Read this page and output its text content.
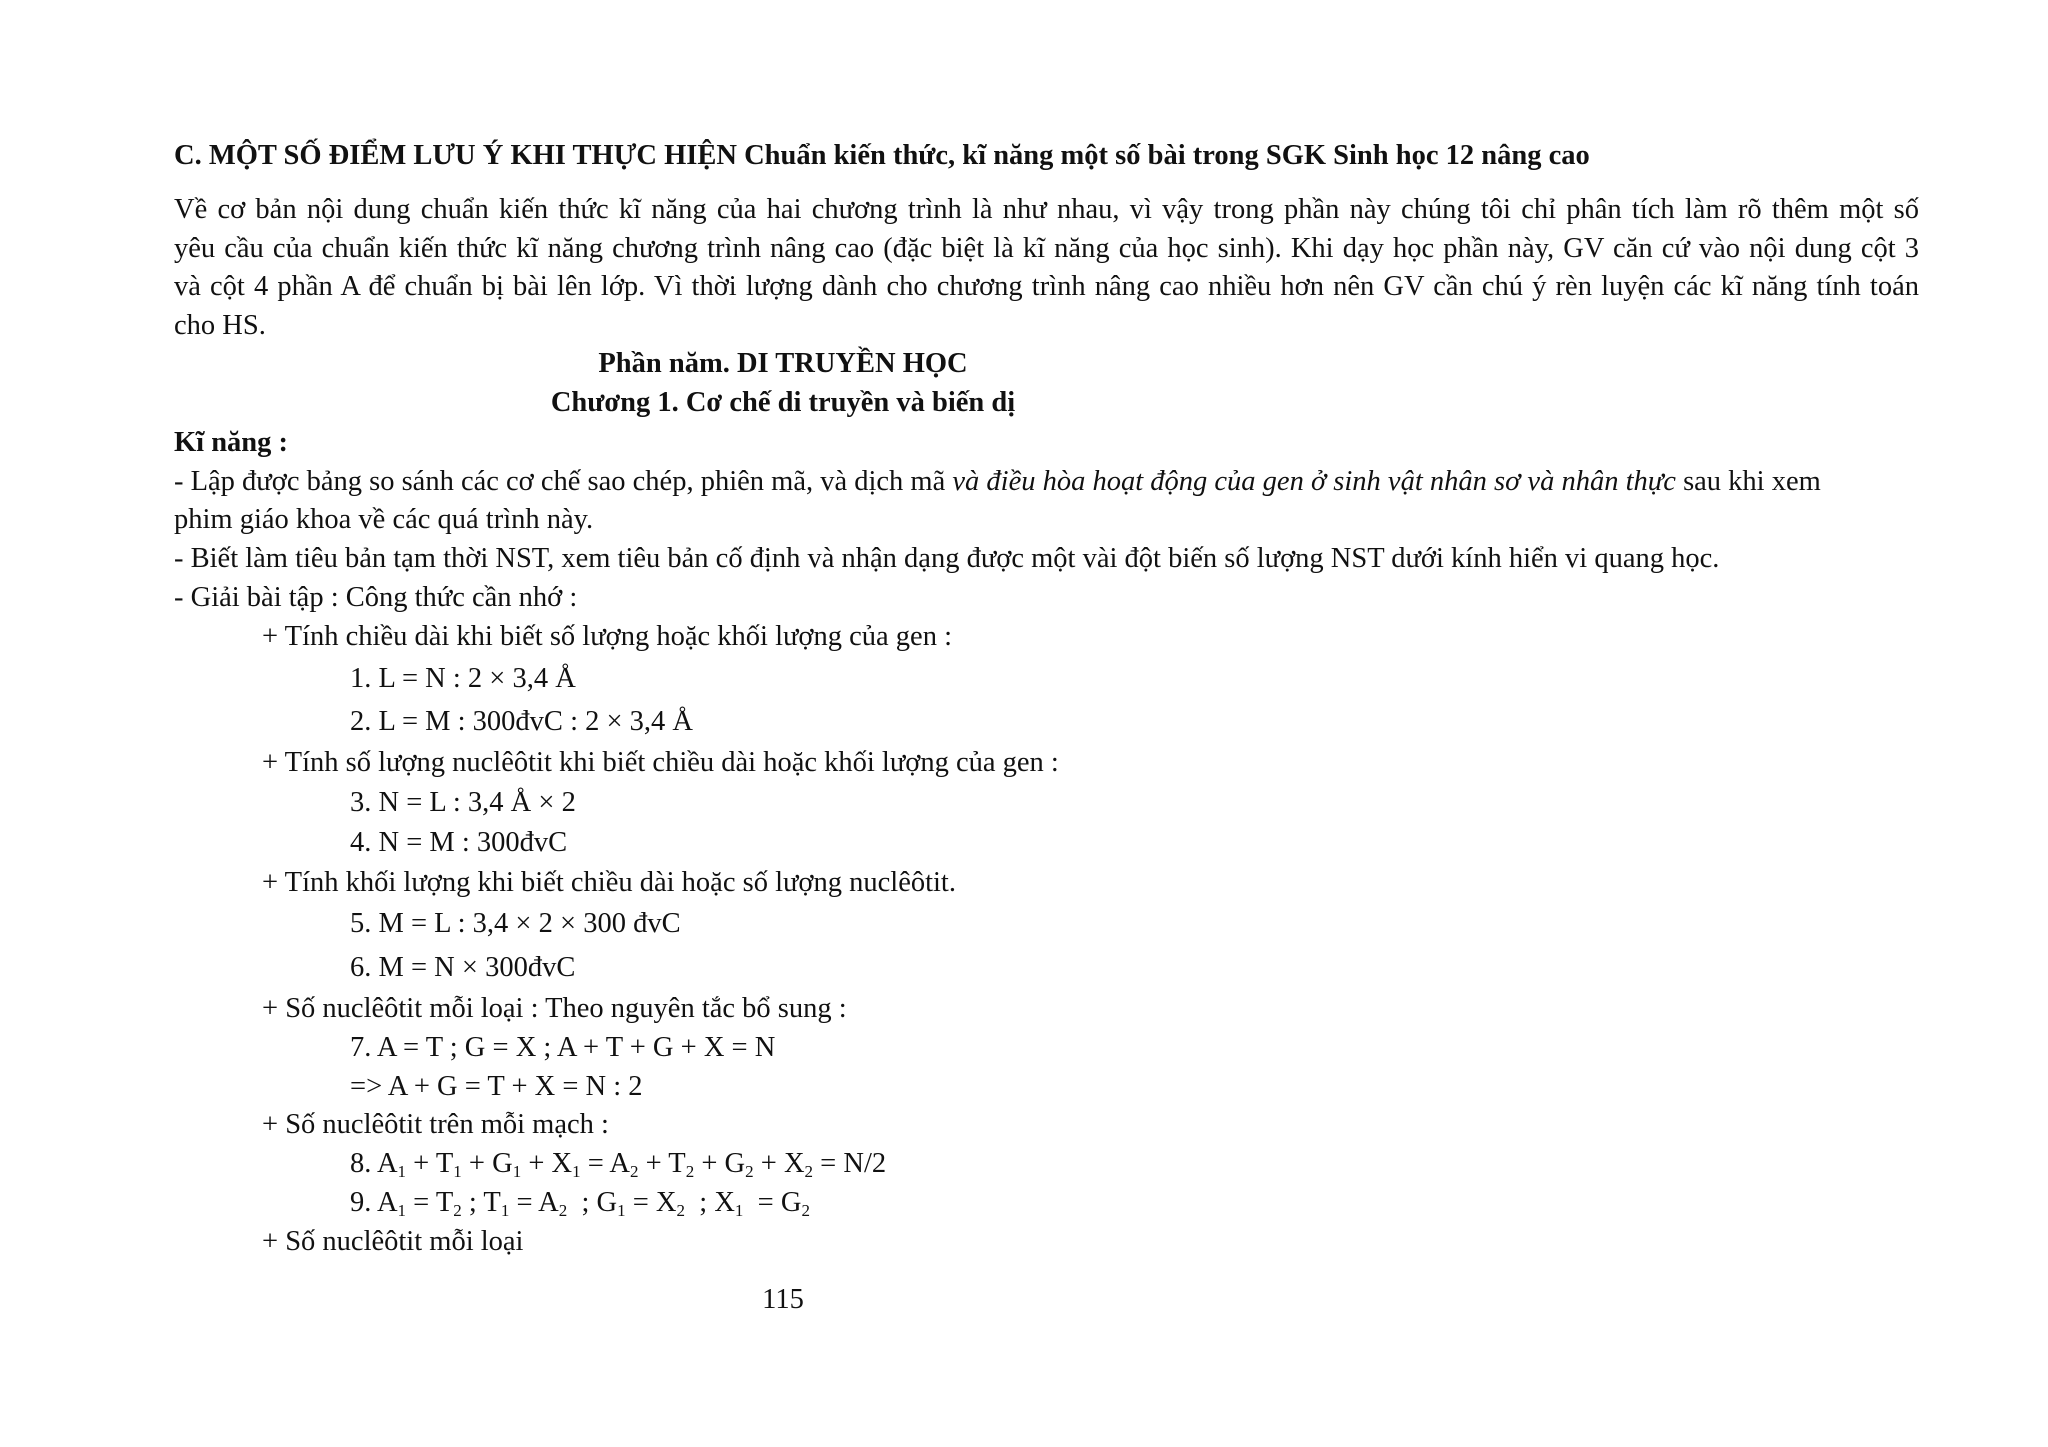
C. MỘT SỐ ĐIỂM LƯU Ý KHI THỰC HIỆN Chuẩn kiến thức, kĩ năng một số bài trong SGK Sinh học 12 nâng cao
Về cơ bản nội dung chuẩn kiến thức kĩ năng của hai chương trình là như nhau, vì vậy trong phần này chúng tôi chỉ phân tích làm rõ thêm một số
yêu cầu của chuẩn kiến thức kĩ năng chương trình nâng cao (đặc biệt là kĩ năng của học sinh). Khi dạy học phần này, GV căn cứ vào nội dung cột 3
và cột 4 phần A để chuẩn bị bài lên lớp. Vì thời lượng dành cho chương trình nâng cao nhiều hơn nên GV cần chú ý rèn luyện các kĩ năng tính toán
cho HS.
Phần năm. DI TRUYỀN HỌC
Chương 1. Cơ chế di truyền và biến dị
Kĩ năng :
- Lập được bảng so sánh các cơ chế sao chép, phiên mã, và dịch mã và điều hòa hoạt động của gen ở sinh vật nhân sơ và nhân thực sau khi xem
phim giáo khoa về các quá trình này.
- Biết làm tiêu bản tạm thời NST, xem tiêu bản cố định và nhận dạng được một vài đột biến số lượng NST dưới kính hiển vi quang học.
- Giải bài tập : Công thức cần nhớ :
+ Tính chiều dài khi biết số lượng hoặc khối lượng của gen :
1. L = N : 2 × 3,4 Å
2. L = M : 300đvC : 2 × 3,4 Å
+ Tính số lượng nuclêôtit khi biết chiều dài hoặc khối lượng của gen :
3. N = L : 3,4 Å × 2
4. N = M : 300đvC
+ Tính khối lượng khi biết chiều dài hoặc số lượng nuclêôtit.
5. M = L : 3,4 × 2 × 300 đvC
6. M = N × 300đvC
+ Số nuclêôtit mỗi loại : Theo nguyên tắc bổ sung :
7. A = T ; G = X ; A + T + G + X = N
=> A + G = T + X = N : 2
+ Số nuclêôtit trên mỗi mạch :
8. $A_1 + T_1 + G_1 + X_1 = A_2 + T_2 + G_2 + X_2 = N/2$
9. $A_1 = T_2$ ; $T_1 = A_2$  ; $G_1 = X_2$  ; $X_1 = G_2$
+ Số nuclêôtit mỗi loại
115
